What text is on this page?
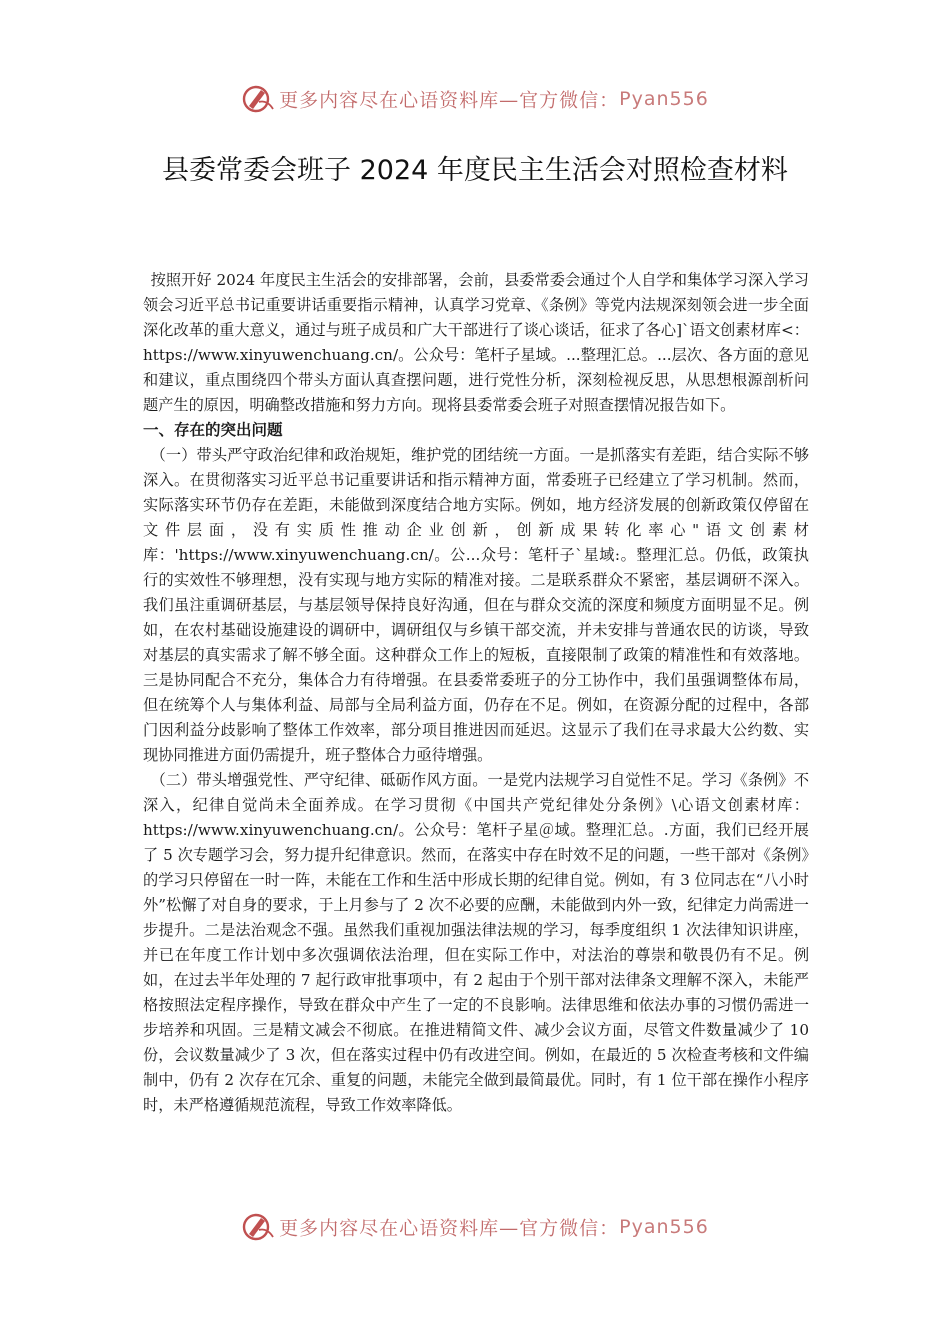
更多内容尽在心语资料库—官方微信：Pyan556
县委常委会班子 2024 年度民主生活会对照检查材料

按照开好 2024 年度民主生活会的安排部署，会前，县委常委会通过个人自学和集体学习深入学习领会习近平总书记重要讲话重要指示精神，认真学习党章、《条例》等党内法规深刻领会进一步全面深化改革的重大意义，通过与班子成员和广大干部进行了谈心谈话，征求了各心]`语文创素材库<：https://www.xinyuwenchuang.cn/。公众号：笔杆子星域。...整理汇总。...层次、各方面的意见和建议，重点围绕四个带头方面认真查摆问题，进行党性分析，深刻检视反思，从思想根源剖析问题产生的原因，明确整改措施和努力方向。现将县委常委会班子对照查摆情况报告如下。

一、存在的突出问题

（一）带头严守政治纪律和政治规矩，维护党的团结统一方面。一是抓落实有差距，结合实际不够深入。在贯彻落实习近平总书记重要讲话和指示精神方面，常委班子已经建立了学习机制。然而，实际落实环节仍存在差距，未能做到深度结合地方实际。例如，地方经济发展的创新政策仅停留在文件层面，没有实质性推动企业创新，创新成果转化率心"语文创素材库：'https://www.xinyuwenchuang.cn/。公...众号：笔杆子`星域:。整理汇总。仍低，政策执行的实效性不够理想，没有实现与地方实际的精准对接。二是联系群众不紧密，基层调研不深入。我们虽注重调研基层，与基层领导保持良好沟通，但在与群众交流的深度和频度方面明显不足。例如，在农村基础设施建设的调研中，调研组仅与乡镇干部交流，并未安排与普通农民的访谈，导致对基层的真实需求了解不够全面。这种群众工作上的短板，直接限制了政策的精准性和有效落地。三是协同配合不充分，集体合力有待增强。在县委常委班子的分工协作中，我们虽强调整体布局，但在统筹个人与集体利益、局部与全局利益方面，仍存在不足。例如，在资源分配的过程中，各部门因利益分歧影响了整体工作效率，部分项目推进因而延迟。这显示了我们在寻求最大公约数、实现协同推进方面仍需提升，班子整体合力亟待增强。

（二）带头增强党性、严守纪律、砥砺作风方面。一是党内法规学习自觉性不足。学习《条例》不深入，纪律自觉尚未全面养成。在学习贯彻《中国共产党纪律处分条例》\心语文创素材库：https://www.xinyuwenchuang.cn/。公众号：笔杆子星＠域。整理汇总。.方面，我们已经开展了 5 次专题学习会，努力提升纪律意识。然而，在落实中存在时效不足的问题，一些干部对《条例》的学习只停留在一时一阵，未能在工作和生活中形成长期的纪律自觉。例如，有 3 位同志在“八小时外”松懈了对自身的要求，于上月参与了 2 次不必要的应酬，未能做到内外一致，纪律定力尚需进一步提升。二是法治观念不强。虽然我们重视加强法律法规的学习，每季度组织 1 次法律知识讲座，并已在年度工作计划中多次强调依法治理，但在实际工作中，对法治的尊崇和敬畏仍有不足。例如，在过去半年处理的 7 起行政审批事项中，有 2 起由于个别干部对法律条文理解不深入，未能严格按照法定程序操作，导致在群众中产生了一定的不良影响。法律思维和依法办事的习惯仍需进一步培养和巩固。三是精文减会不彻底。在推进精简文件、减少会议方面，尽管文件数量减少了 10 份，会议数量减少了 3 次，但在落实过程中仍有改进空间。例如，在最近的 5 次检查考核和文件编制中，仍有 2 次存在冗余、重复的问题，未能完全做到最简最优。同时，有 1 位干部在操作小程序时，未严格遵循规范流程，导致工作效率降低。

更多内容尽在心语资料库—官方微信：Pyan556
